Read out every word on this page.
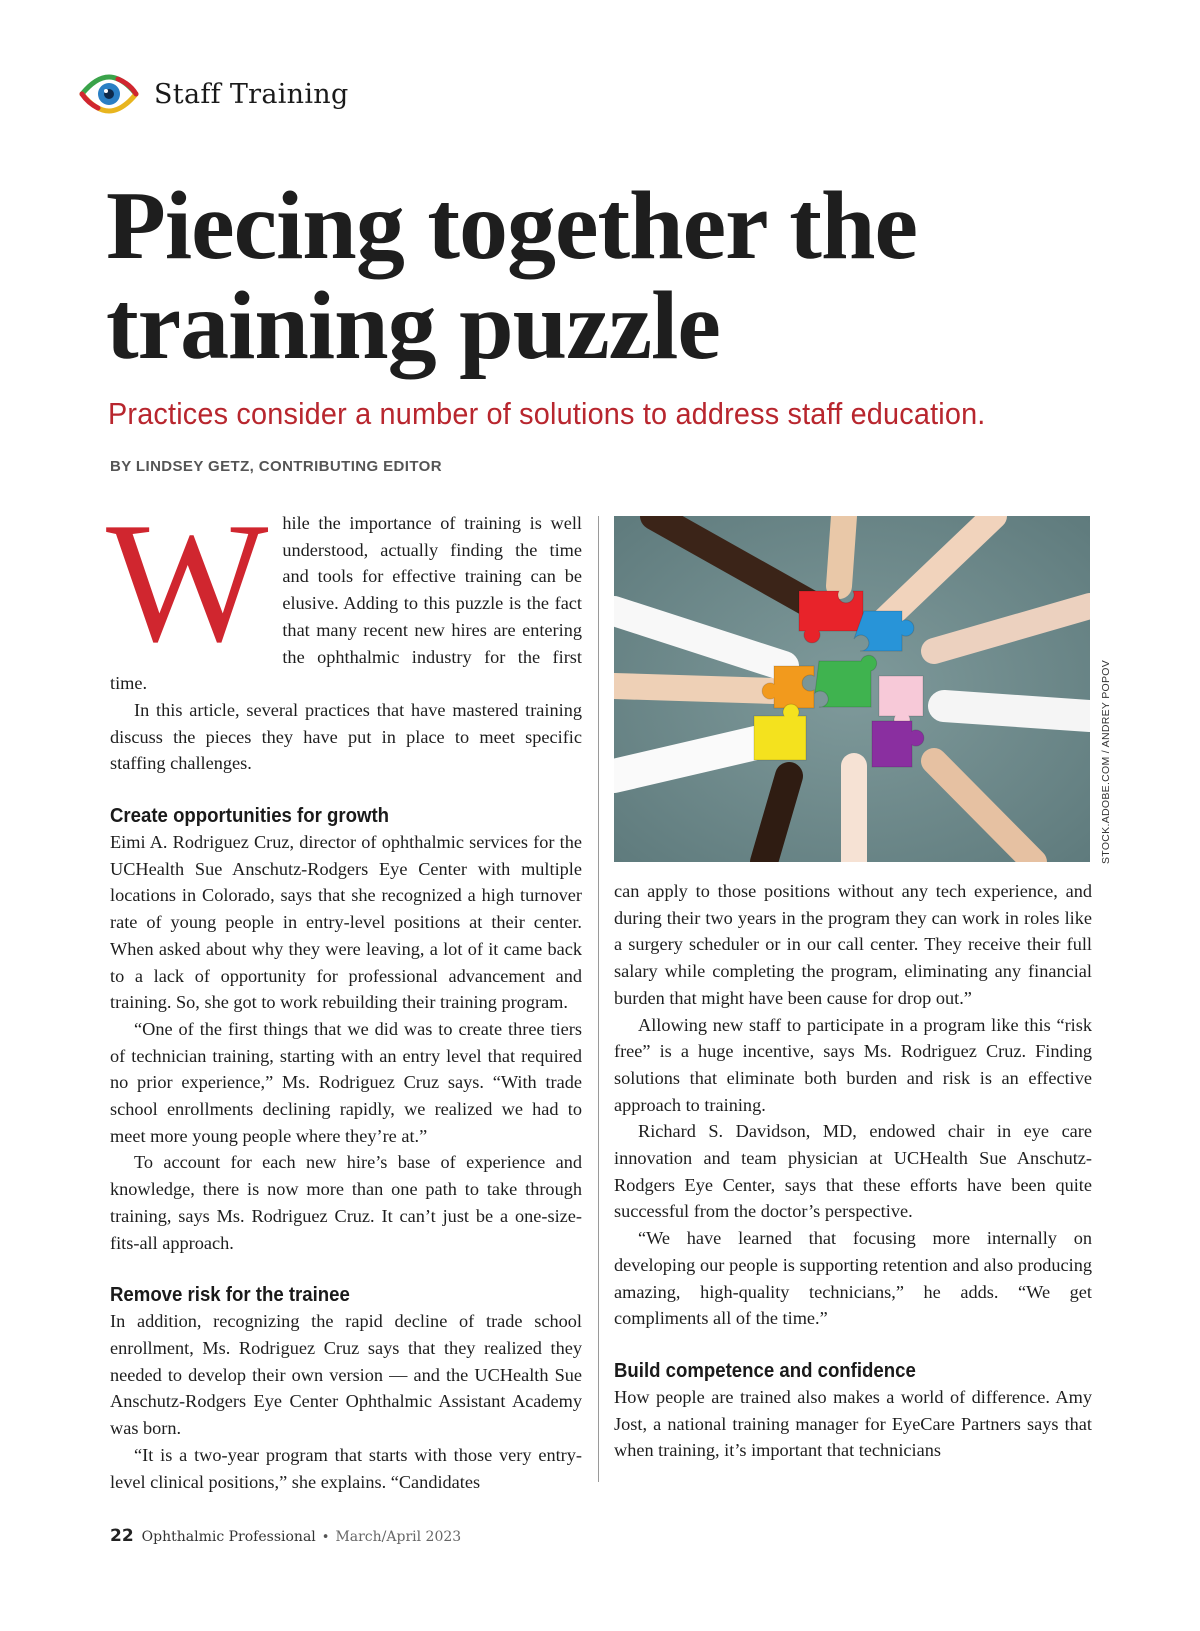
Staff Training
Piecing together the
training puzzle

Practices consider a number of solutions to address staff education.

BY LINDSEY GETZ, CONTRIBUTING EDITOR

While the importance of training is well understood, actually finding the time and tools for effective training can be elusive. Adding to this puzzle is the fact that many recent new hires are entering the ophthalmic industry for the first time.

In this article, several practices that have mastered training discuss the pieces they have put in place to meet specific staffing challenges.

Create opportunities for growth

Eimi A. Rodriguez Cruz, director of ophthalmic services for the UCHealth Sue Anschutz-Rodgers Eye Center with multiple locations in Colorado, says that she recognized a high turnover rate of young people in entry-level positions at their center. When asked about why they were leaving, a lot of it came back to a lack of opportunity for professional advancement and training. So, she got to work rebuilding their training program.

“One of the first things that we did was to create three tiers of technician training, starting with an entry level that required no prior experience,” Ms. Rodriguez Cruz says. “With trade school enrollments declining rapidly, we realized we had to meet more young people where they’re at.”

To account for each new hire’s base of experience and knowledge, there is now more than one path to take through training, says Ms. Rodriguez Cruz. It can’t just be a one-size-fits-all approach.

Remove risk for the trainee

In addition, recognizing the rapid decline of trade school enrollment, Ms. Rodriguez Cruz says that they realized they needed to develop their own version — and the UCHealth Sue Anschutz-Rodgers Eye Center Ophthalmic Assistant Academy was born.

“It is a two-year program that starts with those very entry-level clinical positions,” she explains. “Candidates

STOCK.ADOBE.COM / ANDREY POPOV

can apply to those positions without any tech experience, and during their two years in the program they can work in roles like a surgery scheduler or in our call center. They receive their full salary while completing the program, eliminating any financial burden that might have been cause for drop out.”

Allowing new staff to participate in a program like this “risk free” is a huge incentive, says Ms. Rodriguez Cruz. Finding solutions that eliminate both burden and risk is an effective approach to training.

Richard S. Davidson, MD, endowed chair in eye care innovation and team physician at UCHealth Sue Anschutz-Rodgers Eye Center, says that these efforts have been quite successful from the doctor’s perspective.

“We have learned that focusing more internally on developing our people is supporting retention and also producing amazing, high-quality technicians,” he adds. “We get compliments all of the time.”

Build competence and confidence

How people are trained also makes a world of difference. Amy Jost, a national training manager for EyeCare Partners says that when training, it’s important that technicians

22 Ophthalmic Professional • March/April 2023
